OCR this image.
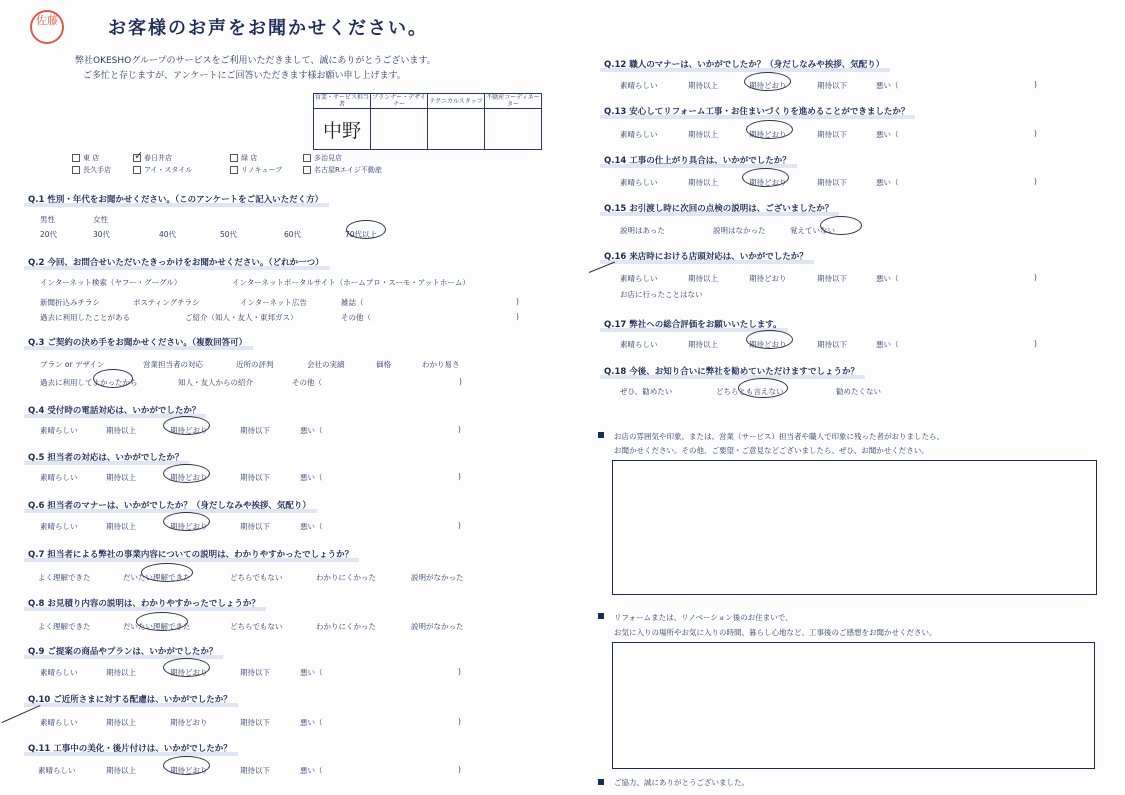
佐藤	お客様のお声をお聞かせください。
弊社OKESHOグループのサービスをご利用いただきまして、誠にありがとうございます。
ご多忙と存じますが、アンケートにご回答いただきます様お願い申し上げます。
営業・サービス担当者	プランナー・デザイナー	テクニカルスタッフ	不動産コーディネーター
中野			
東 店	春日井店	緑 店	多治見店
長久手店	アイ・スタイル	リノキューブ	名古屋Rエイジ不動産
✓
Q.1 性別・年代をお聞かせください。（このアンケートをご記入いただく方）
男性	女性
20代	30代	40代	50代	60代	70代以上
Q.2 今回、お問合せいただいたきっかけをお聞かせください。（どれか一つ）
インターネット検索（ヤフー・グーグル）	インターネットポータルサイト（ホームプロ・スーモ・アットホーム）
新聞折込みチラシ	ポスティングチラシ	インターネット広告	雑誌（	)
過去に利用したことがある	ご紹介（知人・友人・東邦ガス）	その他（	)
Q.3 ご契約の決め手をお聞かせください。（複数回答可）
プラン or デザイン	営業担当者の対応	近所の評判	会社の実績	価格	わかり易さ
過去に利用してよかったから	知人・友人からの紹介	その他（	)
Q.4 受付時の電話対応は、いかがでしたか？
素晴らしい	期待以上	期待どおり	期待以下	悪い（	)
Q.5 担当者の対応は、いかがでしたか？
素晴らしい	期待以上	期待どおり	期待以下	悪い（	)
Q.6 担当者のマナーは、いかがでしたか？（身だしなみや挨拶、気配り）
素晴らしい	期待以上	期待どおり	期待以下	悪い（	)
Q.7 担当者による弊社の事業内容についての説明は、わかりやすかったでしょうか？
よく理解できた	だいたい理解できた	どちらでもない	わかりにくかった	説明がなかった
Q.8 お見積り内容の説明は、わかりやすかったでしょうか？
よく理解できた	だいたい理解できた	どちらでもない	わかりにくかった	説明がなかった
Q.9 ご提案の商品やプランは、いかがでしたか？
素晴らしい	期待以上	期待どおり	期待以下	悪い（	)
Q.10 ご近所さまに対する配慮は、いかがでしたか？
素晴らしい	期待以上	期待どおり	期待以下	悪い（	)
Q.11 工事中の美化・後片付けは、いかがでしたか？
素晴らしい	期待以上	期待どおり	期待以下	悪い（	)
Q.12 職人のマナーは、いかがでしたか？（身だしなみや挨拶、気配り）
素晴らしい	期待以上	期待どおり	期待以下	悪い（	)
Q.13 安心してリフォーム工事・お住まいづくりを進めることができましたか？
素晴らしい	期待以上	期待どおり	期待以下	悪い（	)
Q.14 工事の仕上がり具合は、いかがでしたか？
素晴らしい	期待以上	期待どおり	期待以下	悪い（	)
Q.15 お引渡し時に次回の点検の説明は、ございましたか？
説明はあった	説明はなかった	覚えていない
Q.16 来店時における店頭対応は、いかがでしたか？
素晴らしい	期待以上	期待どおり	期待以下	悪い（	)
お店に行ったことはない
Q.17 弊社への総合評価をお願いいたします。
素晴らしい	期待以上	期待どおり	期待以下	悪い（	)
Q.18 今後、お知り合いに弊社を勧めていただけますでしょうか？
ぜひ、勧めたい	どちらとも言えない	勧めたくない
お店の雰囲気や印象。または、営業（サービス）担当者や職人で印象に残った者がおりましたら、
お聞かせください。その他、ご要望・ご意見などございましたら、ぜひ、お聞かせください。
リフォームまたは、リノベーション後のお住まいで、
お気に入りの場所やお気に入りの時間、暮らし心地など、工事後のご感想をお聞かせください。
ご協力、誠にありがとうございました。
